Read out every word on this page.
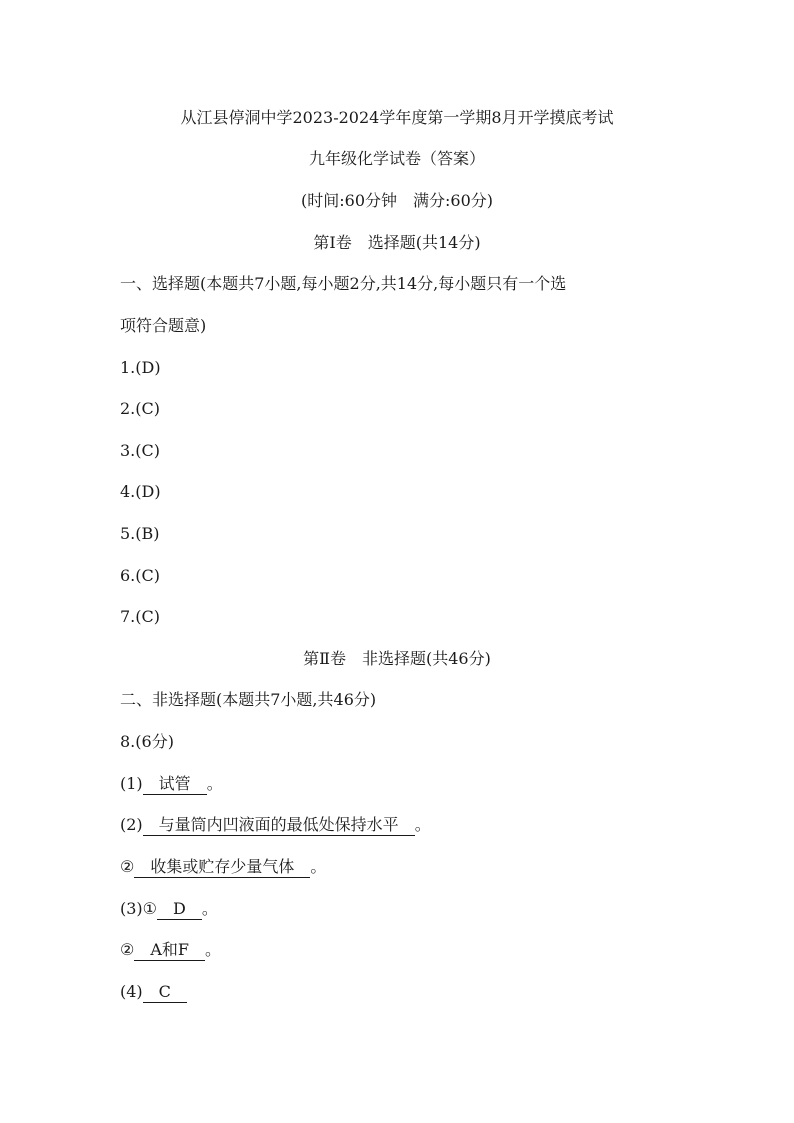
从江县停洞中学2023-2024学年度第一学期8月开学摸底考试
九年级化学试卷（答案）
(时间:60分钟　满分:60分)
第Ⅰ卷　选择题(共14分)
一、选择题(本题共7小题,每小题2分,共14分,每小题只有一个选
项符合题意)
1.(D)
2.(C)
3.(C)
4.(D)
5.(B)
6.(C)
7.(C)
第Ⅱ卷　非选择题(共46分)
二、非选择题(本题共7小题,共46分)
8.(6分)
(1)　试管　。
(2)　与量筒内凹液面的最低处保持水平　。
②　收集或贮存少量气体　。
(3)①　D　。
②　A和F　。
(4)　C　
